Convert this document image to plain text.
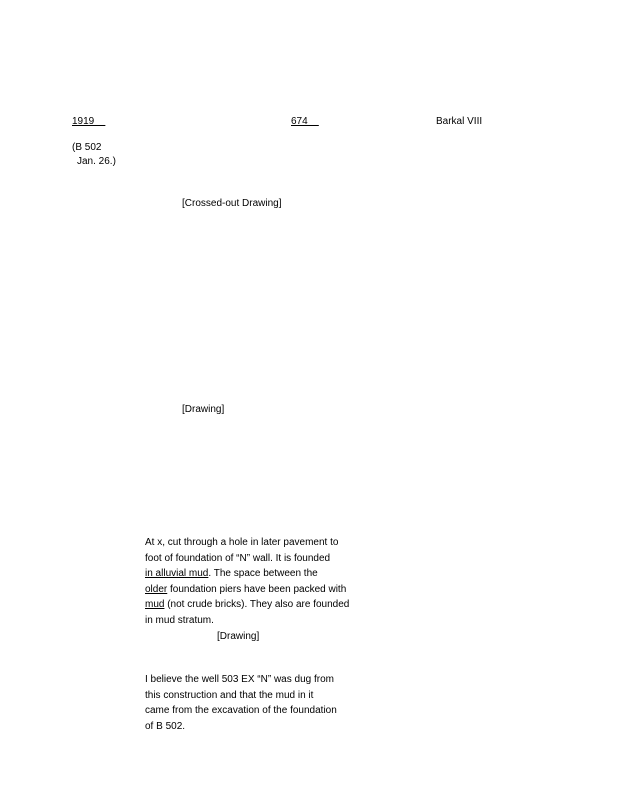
1919	674	Barkal VIII
(B 502
Jan. 26.)
[Crossed-out Drawing]
[Drawing]
At x, cut through a hole in later pavement to
foot of foundation of “N” wall. It is founded
in alluvial mud. The space between the
older foundation piers have been packed with
mud (not crude bricks). They also are founded
in mud stratum.
[Drawing]
I believe the well 503 EX “N” was dug from
this construction and that the mud in it
came from the excavation of the foundation
of B 502.
